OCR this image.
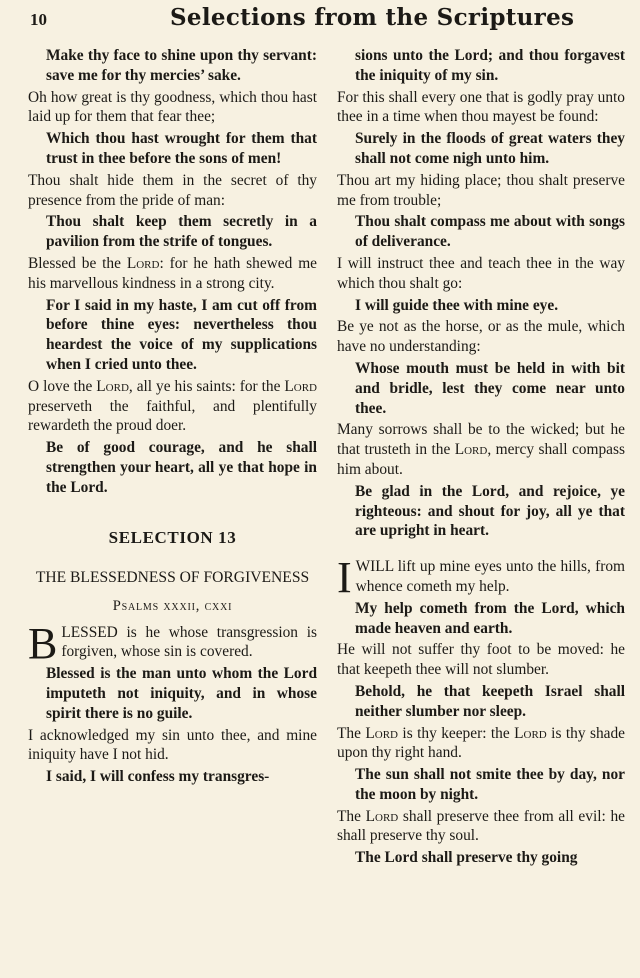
10	Selections from the Scriptures

Make thy face to shine upon thy servant: save me for thy mercies’ sake.

Oh how great is thy goodness, which thou hast laid up for them that fear thee;

Which thou hast wrought for them that trust in thee before the sons of men!

Thou shalt hide them in the secret of thy presence from the pride of man:

Thou shalt keep them secretly in a pavilion from the strife of tongues.

Blessed be the Lord: for he hath shewed me his marvellous kindness in a strong city.

For I said in my haste, I am cut off from before thine eyes: nevertheless thou heardest the voice of my supplications when I cried unto thee.

O love the Lord, all ye his saints: for the Lord preserveth the faithful, and plentifully rewardeth the proud doer.

Be of good courage, and he shall strengthen your heart, all ye that hope in the Lord.

SELECTION 13
THE BLESSEDNESS OF FORGIVENESS
Psalms xxxii, cxxi

BLESSED is he whose transgression is forgiven, whose sin is covered.

Blessed is the man unto whom the Lord imputeth not iniquity, and in whose spirit there is no guile.

I acknowledged my sin unto thee, and mine iniquity have I not hid.

I said, I will confess my transgres-

sions unto the Lord; and thou forgavest the iniquity of my sin.

For this shall every one that is godly pray unto thee in a time when thou mayest be found:

Surely in the floods of great waters they shall not come nigh unto him.

Thou art my hiding place; thou shalt preserve me from trouble;

Thou shalt compass me about with songs of deliverance.

I will instruct thee and teach thee in the way which thou shalt go:

I will guide thee with mine eye.

Be ye not as the horse, or as the mule, which have no understanding:

Whose mouth must be held in with bit and bridle, lest they come near unto thee.

Many sorrows shall be to the wicked; but he that trusteth in the Lord, mercy shall compass him about.

Be glad in the Lord, and rejoice, ye righteous: and shout for joy, all ye that are upright in heart.

IWILL lift up mine eyes unto the hills, from whence cometh my help.

My help cometh from the Lord, which made heaven and earth.

He will not suffer thy foot to be moved: he that keepeth thee will not slumber.

Behold, he that keepeth Israel shall neither slumber nor sleep.

The Lord is thy keeper: the Lord is thy shade upon thy right hand.

The sun shall not smite thee by day, nor the moon by night.

The Lord shall preserve thee from all evil: he shall preserve thy soul.

The Lord shall preserve thy going
